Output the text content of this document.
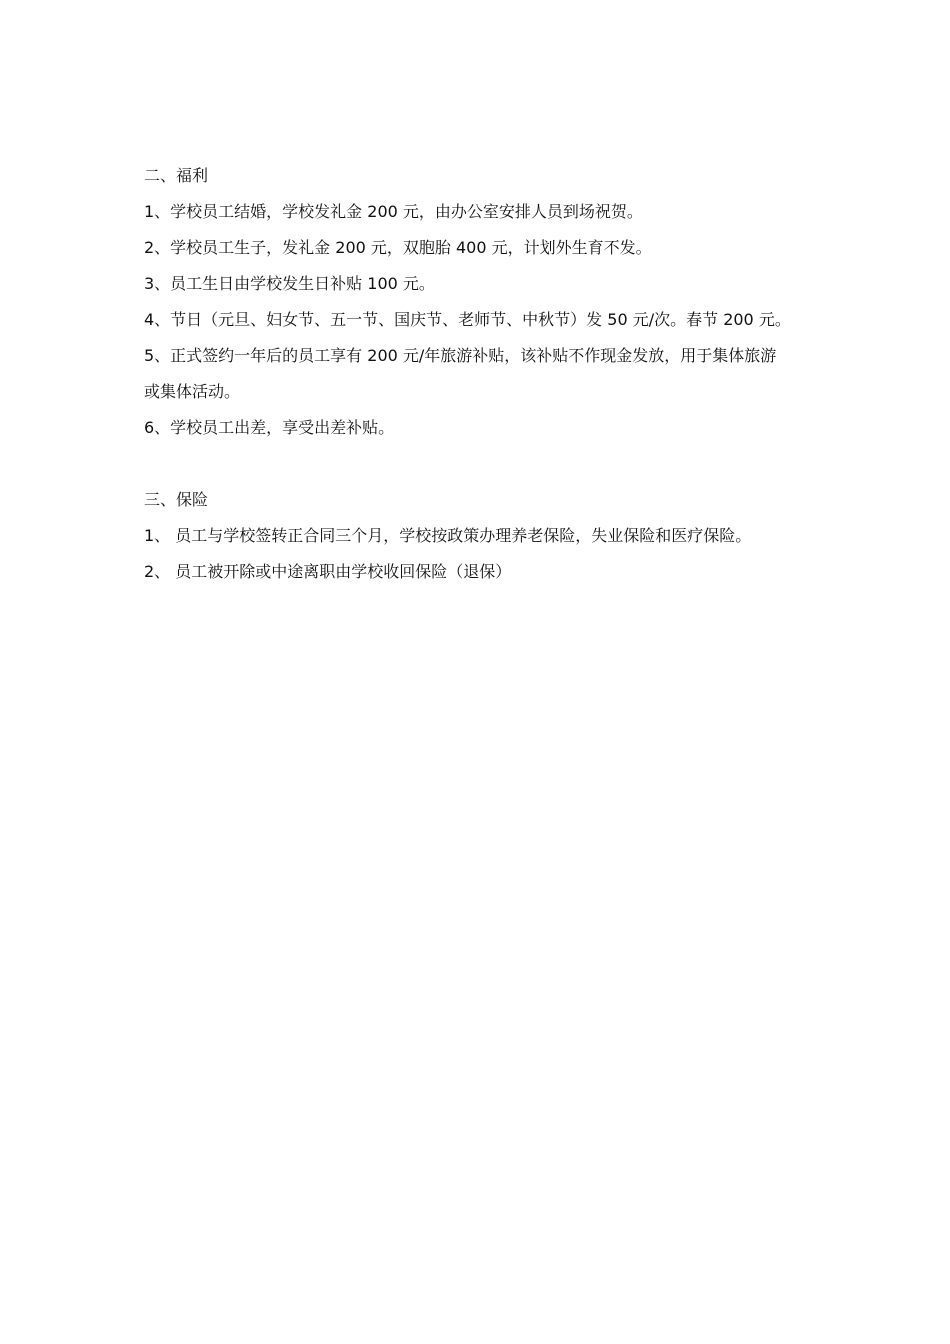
二、福利
1、学校员工结婚，学校发礼金 200 元，由办公室安排人员到场祝贺。
2、学校员工生子，发礼金 200 元，双胞胎 400 元，计划外生育不发。
3、员工生日由学校发生日补贴 100 元。
4、节日（元旦、妇女节、五一节、国庆节、老师节、中秋节）发 50 元/次。春节 200 元。
5、正式签约一年后的员工享有 200 元/年旅游补贴，该补贴不作现金发放，用于集体旅游
或集体活动。
6、学校员工出差，享受出差补贴。
三、保险
1、 员工与学校签转正合同三个月，学校按政策办理养老保险，失业保险和医疗保险。
2、 员工被开除或中途离职由学校收回保险（退保）
